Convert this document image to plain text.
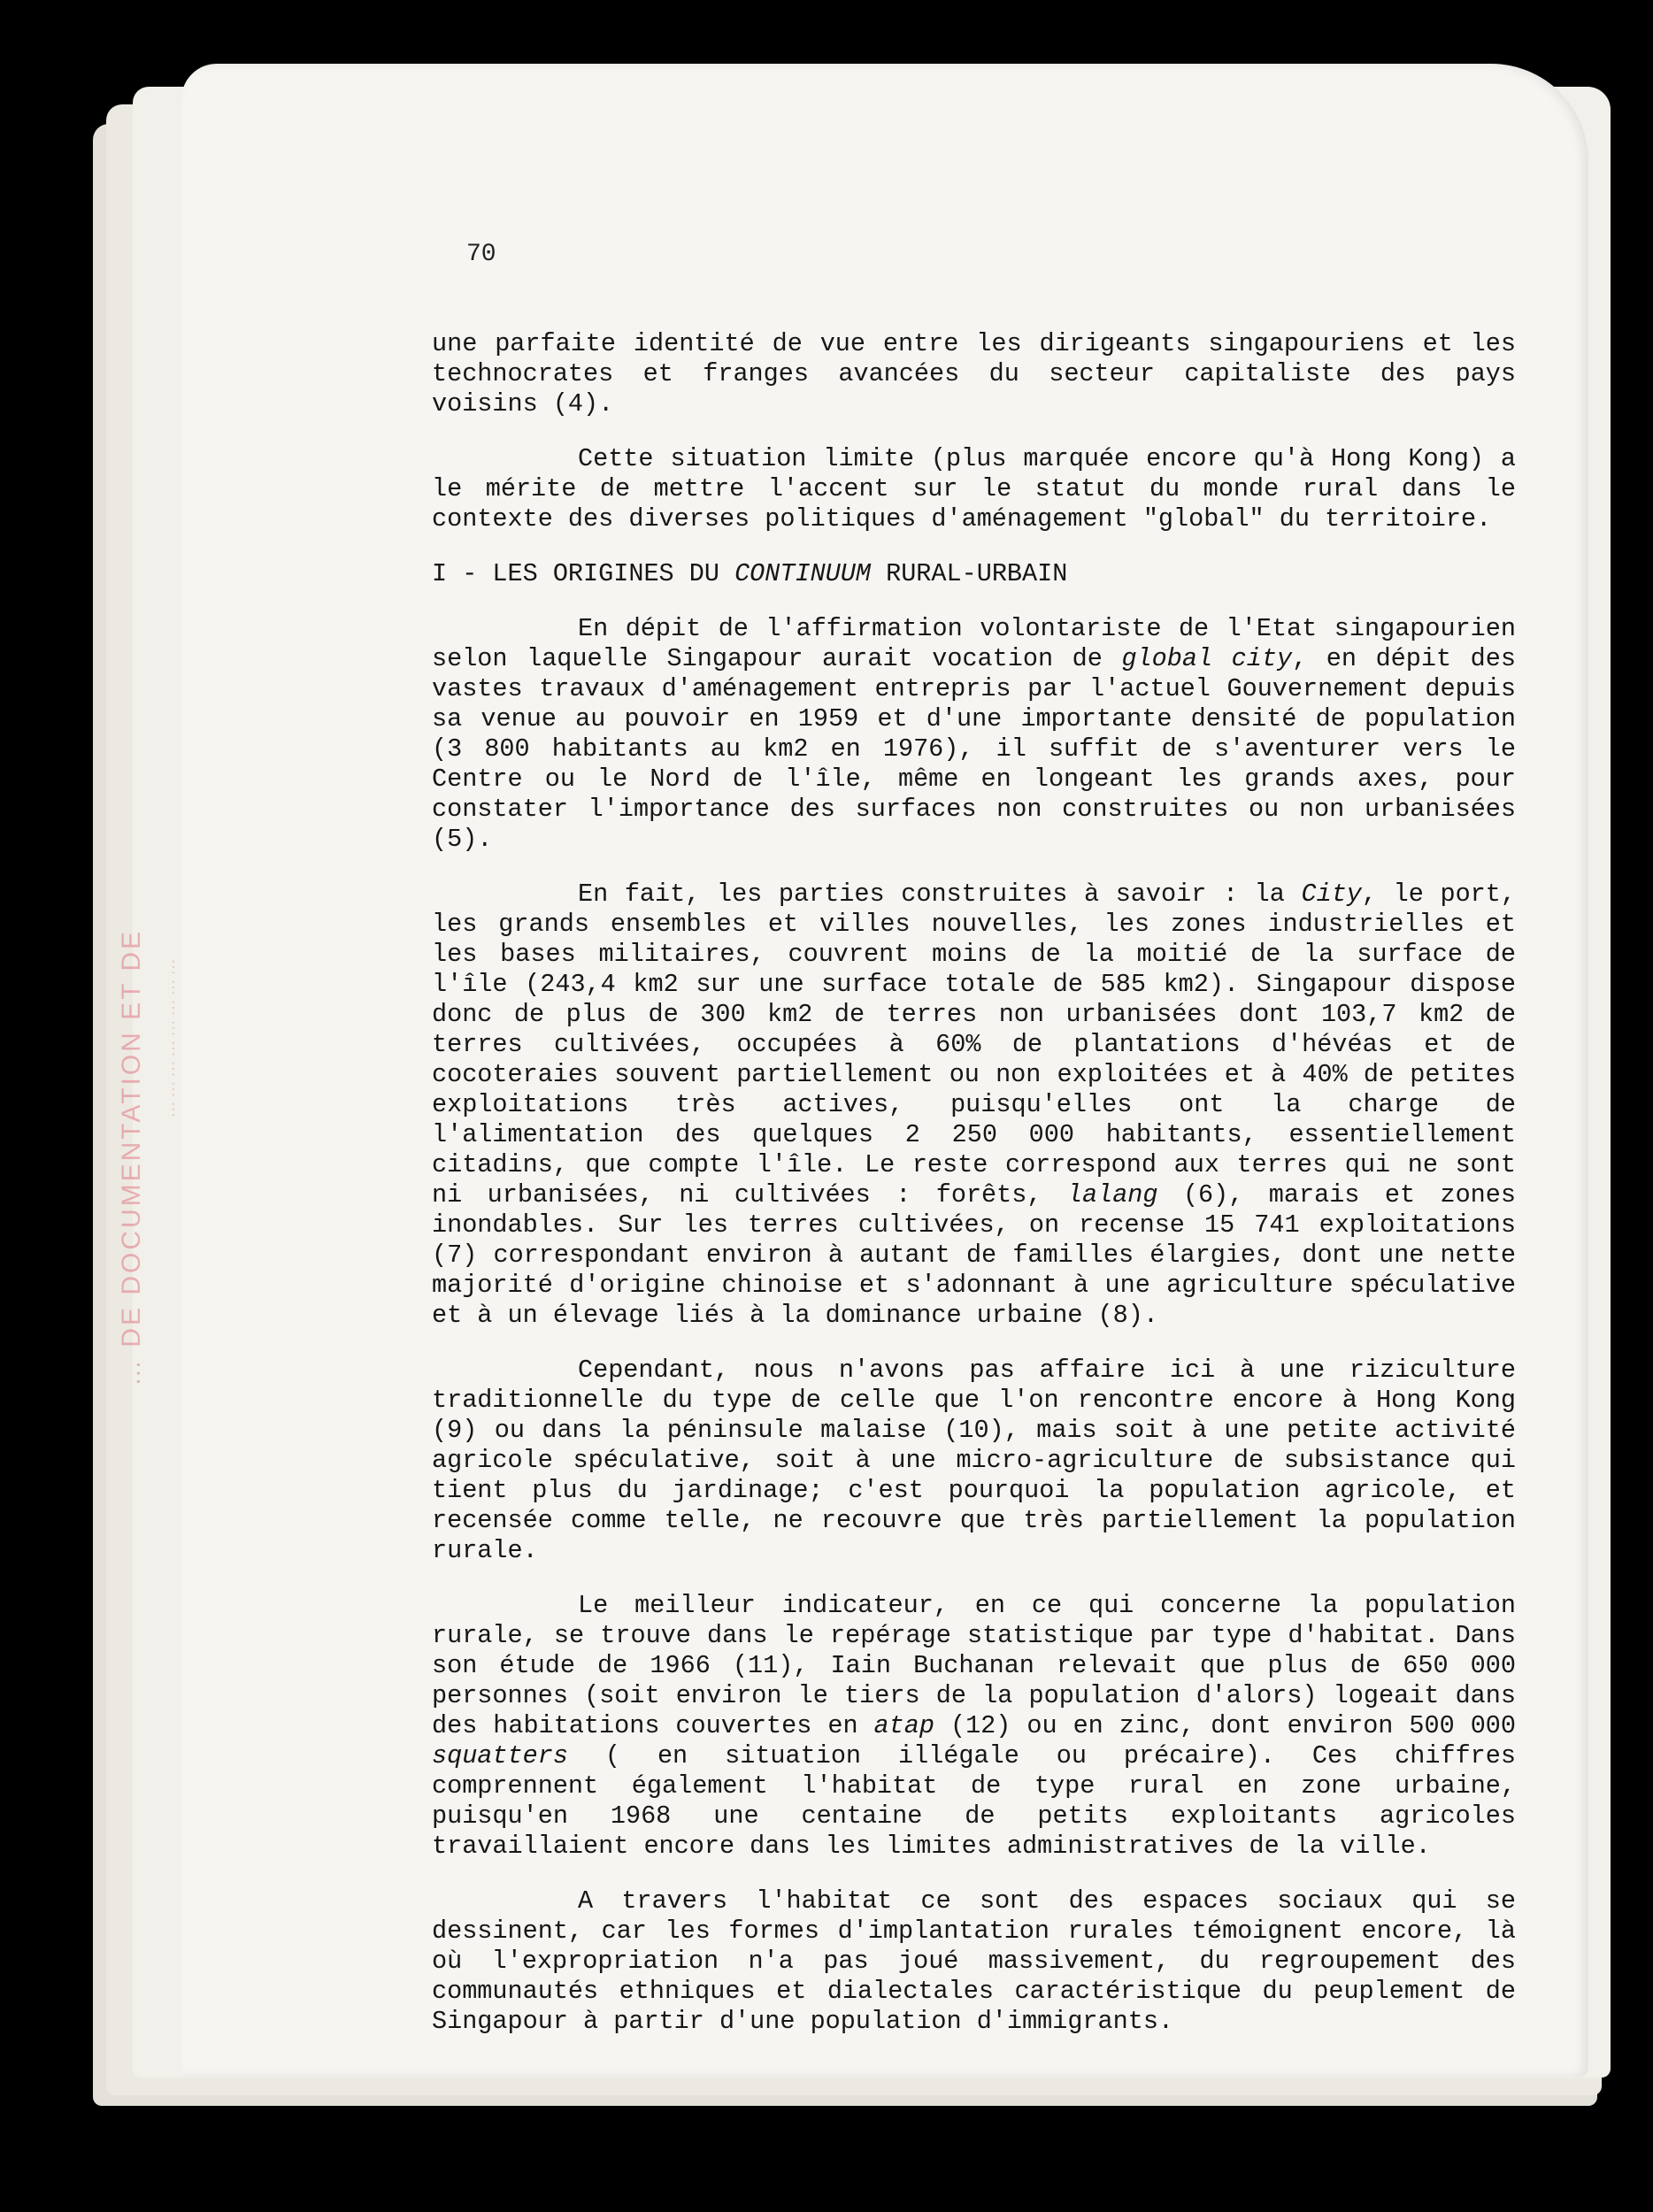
… DE DOCUMENTATION ET DE ……………………
70

une parfaite identité de vue entre les dirigeants singapouriens et les technocrates et franges avancées du secteur capitaliste des pays voisins (4).

Cette situation limite (plus marquée encore qu'à Hong Kong) a le mérite de mettre l'accent sur le statut du monde rural dans le contexte des diverses politiques d'aménagement "global" du territoire.

I - LES ORIGINES DU CONTINUUM RURAL-URBAIN

En dépit de l'affirmation volontariste de l'Etat singapourien selon laquelle Singapour aurait vocation de global city, en dépit des vastes travaux d'aménagement entrepris par l'actuel Gouvernement depuis sa venue au pouvoir en 1959 et d'une importante densité de population (3 800 habitants au km2 en 1976), il suffit de s'aventurer vers le Centre ou le Nord de l'île, même en longeant les grands axes, pour constater l'importance des surfaces non construites ou non urbanisées (5).

En fait, les parties construites à savoir : la City, le port, les grands ensembles et villes nouvelles, les zones industrielles et les bases militaires, couvrent moins de la moitié de la surface de l'île (243,4 km2 sur une surface totale de 585 km2). Singapour dispose donc de plus de 300 km2 de terres non urbanisées dont 103,7 km2 de terres cultivées, occupées à 60% de plantations d'hévéas et de cocoteraies souvent partiellement ou non exploitées et à 40% de petites exploitations très actives, puisqu'elles ont la charge de l'alimentation des quelques 2 250 000 habitants, essentiellement citadins, que compte l'île. Le reste correspond aux terres qui ne sont ni urbanisées, ni cultivées : forêts, lalang (6), marais et zones inondables. Sur les terres cultivées, on recense 15 741 exploitations (7) correspondant environ à autant de familles élargies, dont une nette majorité d'origine chinoise et s'adonnant à une agriculture spéculative et à un élevage liés à la dominance urbaine (8).

Cependant, nous n'avons pas affaire ici à une riziculture traditionnelle du type de celle que l'on rencontre encore à Hong Kong (9) ou dans la péninsule malaise (10), mais soit à une petite activité agricole spéculative, soit à une micro-agriculture de subsistance qui tient plus du jardinage; c'est pourquoi la population agricole, et recensée comme telle, ne recouvre que très partiellement la population rurale.

Le meilleur indicateur, en ce qui concerne la population rurale, se trouve dans le repérage statistique par type d'habitat. Dans son étude de 1966 (11), Iain Buchanan relevait que plus de 650 000 personnes (soit environ le tiers de la population d'alors) logeait dans des habitations couvertes en atap (12) ou en zinc, dont environ 500 000 squatters ( en situation illégale ou précaire). Ces chiffres comprennent également l'habitat de type rural en zone urbaine, puisqu'en 1968 une centaine de petits exploitants agricoles travaillaient encore dans les limites administratives de la ville.

A travers l'habitat ce sont des espaces sociaux qui se dessinent, car les formes d'implantation rurales témoignent encore, là où l'expropriation n'a pas joué massivement, du regroupement des communautés ethniques et dialectales caractéristique du peuplement de Singapour à partir d'une population d'immigrants.
